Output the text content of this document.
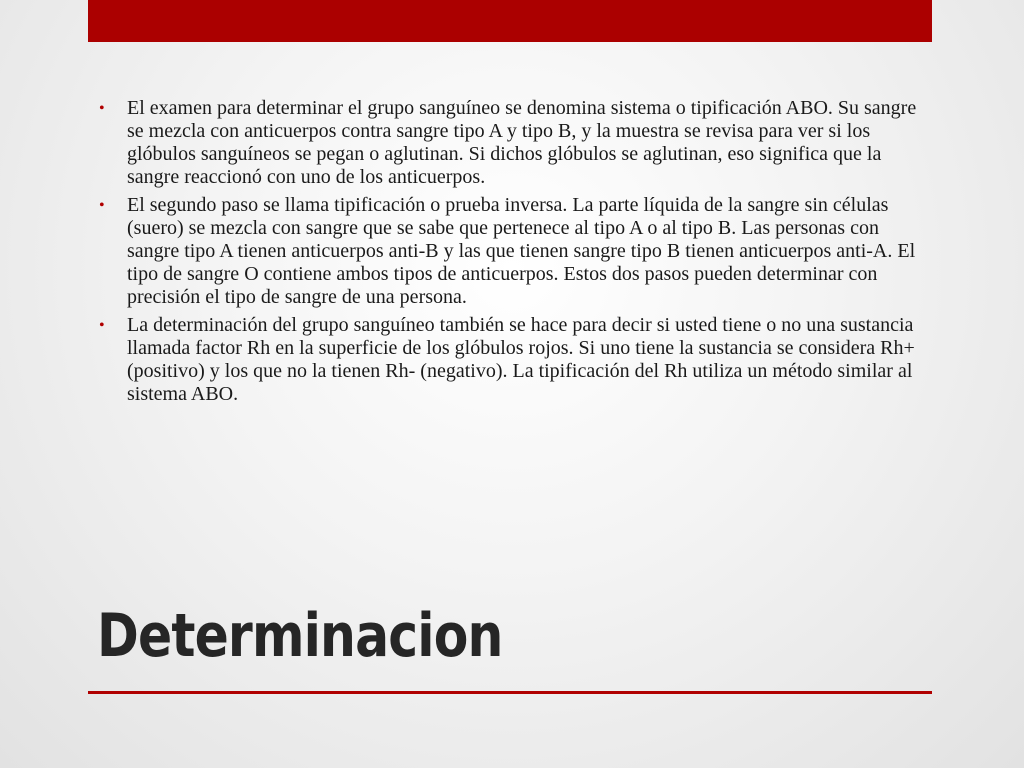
• El examen para determinar el grupo sanguíneo se denomina sistema o tipificación ABO. Su sangre se mezcla con anticuerpos contra sangre tipo A y tipo B, y la muestra se revisa para ver si los glóbulos sanguíneos se pegan o aglutinan. Si dichos glóbulos se aglutinan, eso significa que la sangre reaccionó con uno de los anticuerpos.
• El segundo paso se llama tipificación o prueba inversa. La parte líquida de la sangre sin células (suero) se mezcla con sangre que se sabe que pertenece al tipo A o al tipo B. Las personas con sangre tipo A tienen anticuerpos anti-B y las que tienen sangre tipo B tienen anticuerpos anti-A. El tipo de sangre O contiene ambos tipos de anticuerpos. Estos dos pasos pueden determinar con precisión el tipo de sangre de una persona.
• La determinación del grupo sanguíneo también se hace para decir si usted tiene o no una sustancia llamada factor Rh en la superficie de los glóbulos rojos. Si uno tiene la sustancia se considera Rh+ (positivo) y los que no la tienen Rh- (negativo). La tipificación del Rh utiliza un método similar al sistema ABO.
Determinacion
